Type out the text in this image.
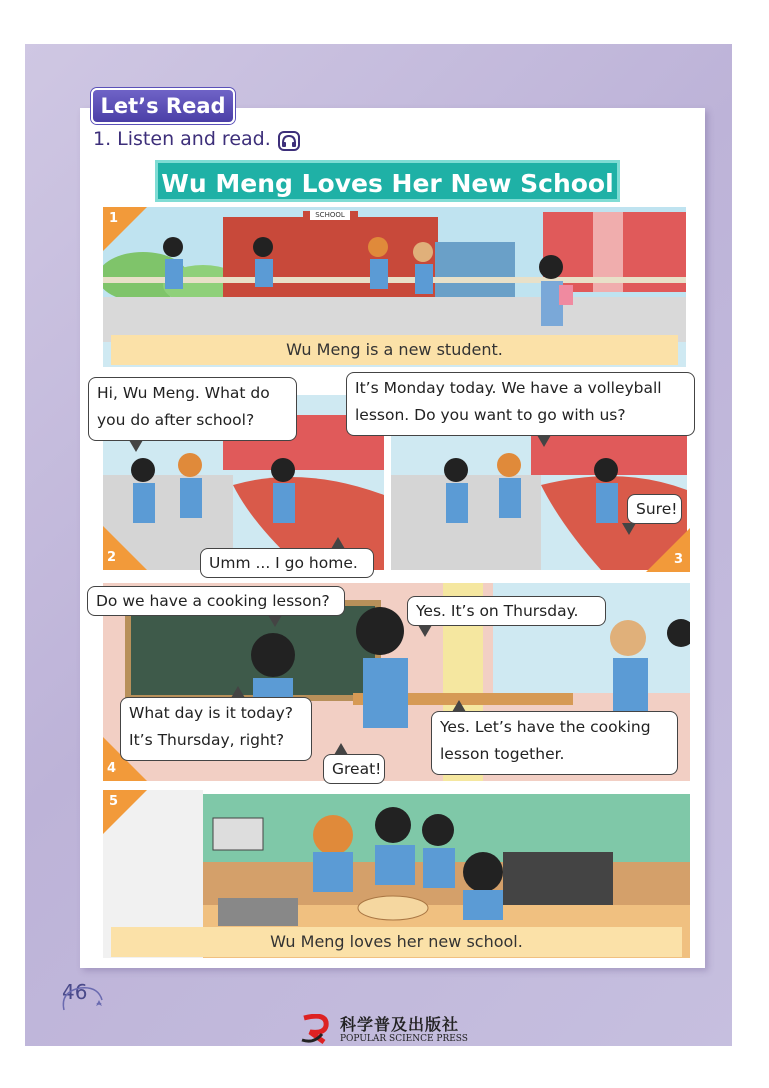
Let’s Read
1. Listen and read.
Wu Meng Loves Her New School
SCHOOL
Wu Meng is a new student.
1
2
Hi, Wu Meng. What do you do after school?
Umm ... I go home.	3
It’s Monday today. We have a volleyball lesson. Do you want to go with us?
Sure!
4
Do we have a cooking lesson?
Yes. It’s on Thursday.
What day is it today? It’s Thursday, right?
Yes. Let’s have the cooking lesson together.
Great!
Wu Meng loves her new school.
5
46
科学普及出版社
POPULAR SCIENCE PRESS
